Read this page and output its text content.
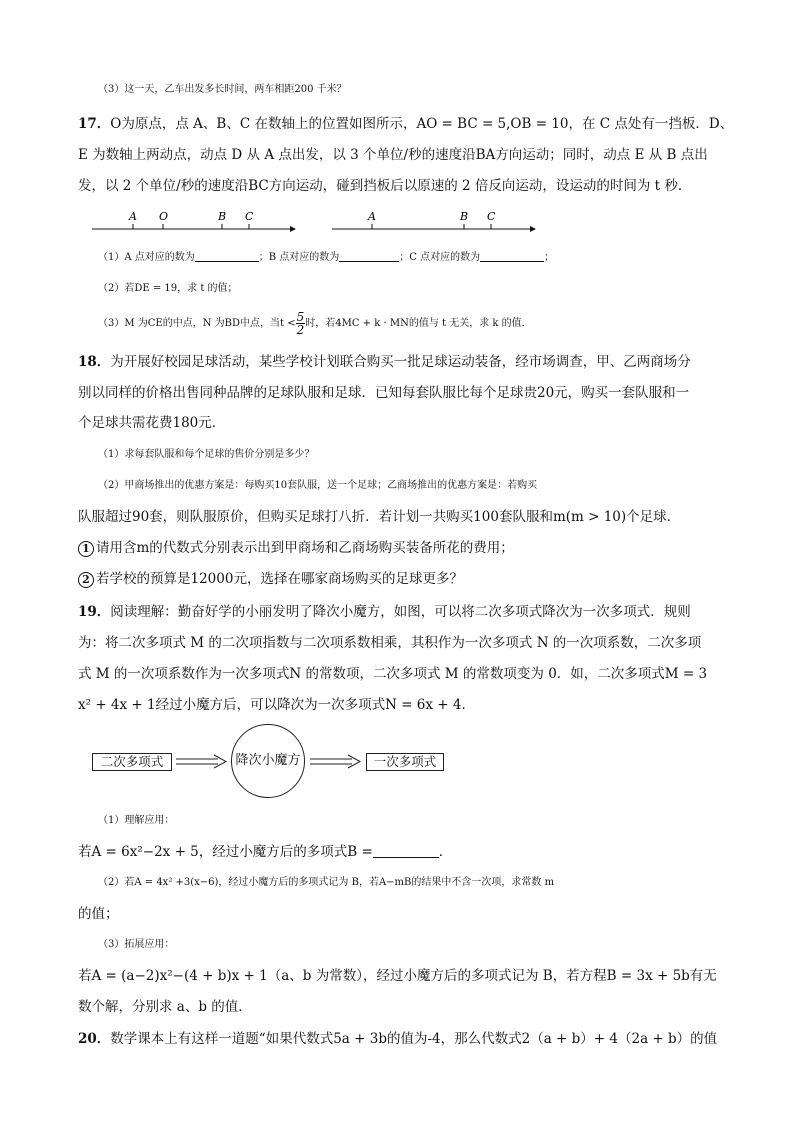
（3）这一天，乙车出发多长时间，两车相距200 千米？
17．O为原点，点 A、B、C 在数轴上的位置如图所示，AO = BC = 5,OB = 10，在 C 点处有一挡板．D、
E 为数轴上两动点，动点 D 从 A 点出发，以 3 个单位/秒的速度沿BA方向运动；同时，动点 E 从 B 点出
发，以 2 个单位/秒的速度沿BC方向运动，碰到挡板后以原速的 2 倍反向运动，设运动的时间为 t 秒．
A O	B C	A	B C
（1）A 点对应的数为	；B 点对应的数为	；C 点对应的数为	；
（2）若DE = 19，求 t 的值；
（3）M 为CE的中点，N 为BD中点，当$t < \frac{5}{2}$ 时，若4MC + k · MN的值与 t 无关，求 k 的值．
18．为开展好校园足球活动，某些学校计划联合购买一批足球运动装备，经市场调查，甲、乙两商场分
别以同样的价格出售同种品牌的足球队服和足球．已知每套队服比每个足球贵20元，购买一套队服和一
个足球共需花费180元．
（1）求每套队服和每个足球的售价分别是多少？
（2）甲商场推出的优惠方案是：每购买10套队服，送一个足球；乙商场推出的优惠方案是：若购买
队服超过90套，则队服原价，但购买足球打八折．若计划一共购买100套队服和m(m > 10)个足球．
1 请用含m的代数式分别表示出到甲商场和乙商场购买装备所花的费用；
2 若学校的预算是12000元，选择在哪家商场购买的足球更多？
19．阅读理解：勤奋好学的小丽发明了降次小魔方，如图，可以将二次多项式降次为一次多项式．规则
为：将二次多项式 M 的二次项指数与二次项系数相乘，其积作为一次多项式 N 的一次项系数，二次多项
式 M 的一次项系数作为一次多项式N 的常数项，二次多项式 M 的常数项变为 0．如，二次多项式M = 3
x² + 4x + 1经过小魔方后，可以降次为一次多项式N = 6x + 4．
二次多项式	降次小魔方	一次多项式
（1）理解应用：
若A = 6x²−2x + 5，经过小魔方后的多项式B =	．
（2）若A = 4x² +3(x−6)，经过小魔方后的多项式记为 B，若A−mB的结果中不含一次项，求常数 m
的值；
（3）拓展应用：
若A = (a−2)x²−(4 + b)x + 1（a、b 为常数），经过小魔方后的多项式记为 B，若方程B = 3x + 5b有无
数个解，分别求 a、b 的值．
20．数学课本上有这样一道题“如果代数式5a + 3b的值为-4，那么代数式2（a + b）+ 4（2a + b）的值
